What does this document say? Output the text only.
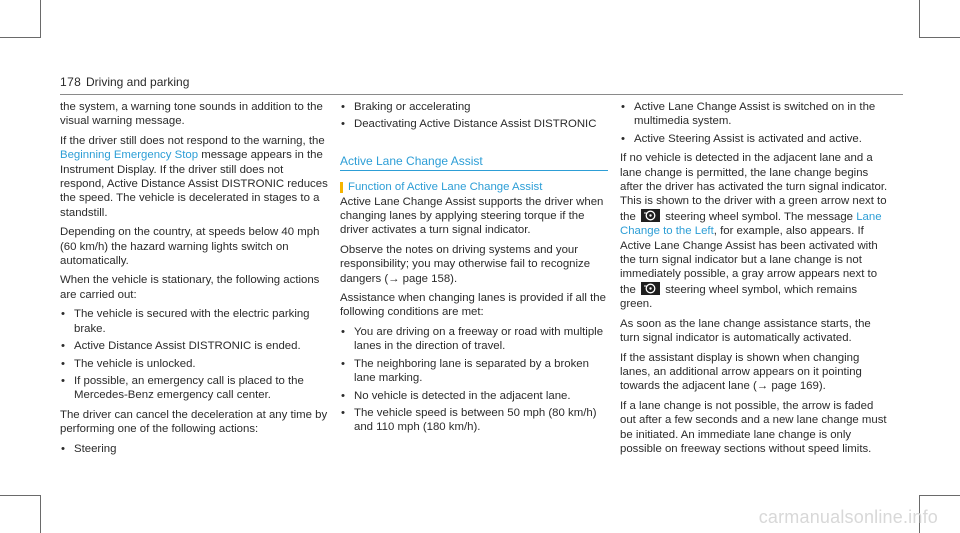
178 Driving and parking

the system, a warning tone sounds in addition to the visual warning message.

If the driver still does not respond to the warning, the Beginning Emergency Stop message appears in the Instrument Display. If the driver still does not respond, Active Distance Assist DISTRONIC reduces the speed. The vehicle is decelerated in stages to a standstill.

Depending on the country, at speeds below 40 mph (60 km/h) the hazard warning lights switch on automatically.

When the vehicle is stationary, the following actions are carried out:

• The vehicle is secured with the electric parking brake.
• Active Distance Assist DISTRONIC is ended.
• The vehicle is unlocked.
• If possible, an emergency call is placed to the Mercedes-Benz emergency call center.

The driver can cancel the deceleration at any time by performing one of the following actions:

• Steering
• Braking or accelerating
• Deactivating Active Distance Assist DISTRONIC
Active Lane Change Assist
Function of Active Lane Change Assist

Active Lane Change Assist supports the driver when changing lanes by applying steering torque if the driver activates a turn signal indicator.

Observe the notes on driving systems and your responsibility; you may otherwise fail to recognize dangers (→ page 158).

Assistance when changing lanes is provided if all the following conditions are met:

• You are driving on a freeway or road with multiple lanes in the direction of travel.
• The neighboring lane is separated by a broken lane marking.
• No vehicle is detected in the adjacent lane.
• The vehicle speed is between 50 mph (80 km/h) and 110 mph (180 km/h).
• Active Lane Change Assist is switched on in the multimedia system.
• Active Steering Assist is activated and active.

If no vehicle is detected in the adjacent lane and a lane change is permitted, the lane change begins after the driver has activated the turn signal indicator. This is shown to the driver with a green arrow next to the	steering wheel symbol. The message Lane Change to the Left, for example, also appears. If Active Lane Change Assist has been activated with the turn signal indicator but a lane change is not immediately possible, a gray arrow appears next to the	steering wheel symbol, which remains green.

As soon as the lane change assistance starts, the turn signal indicator is automatically activated.

If the assistant display is shown when changing lanes, an additional arrow appears on it pointing towards the adjacent lane (→ page 169).

If a lane change is not possible, the arrow is faded out after a few seconds and a new lane change must be initiated. An immediate lane change is only possible on freeway sections without speed limits.

carmanualsonline.info
